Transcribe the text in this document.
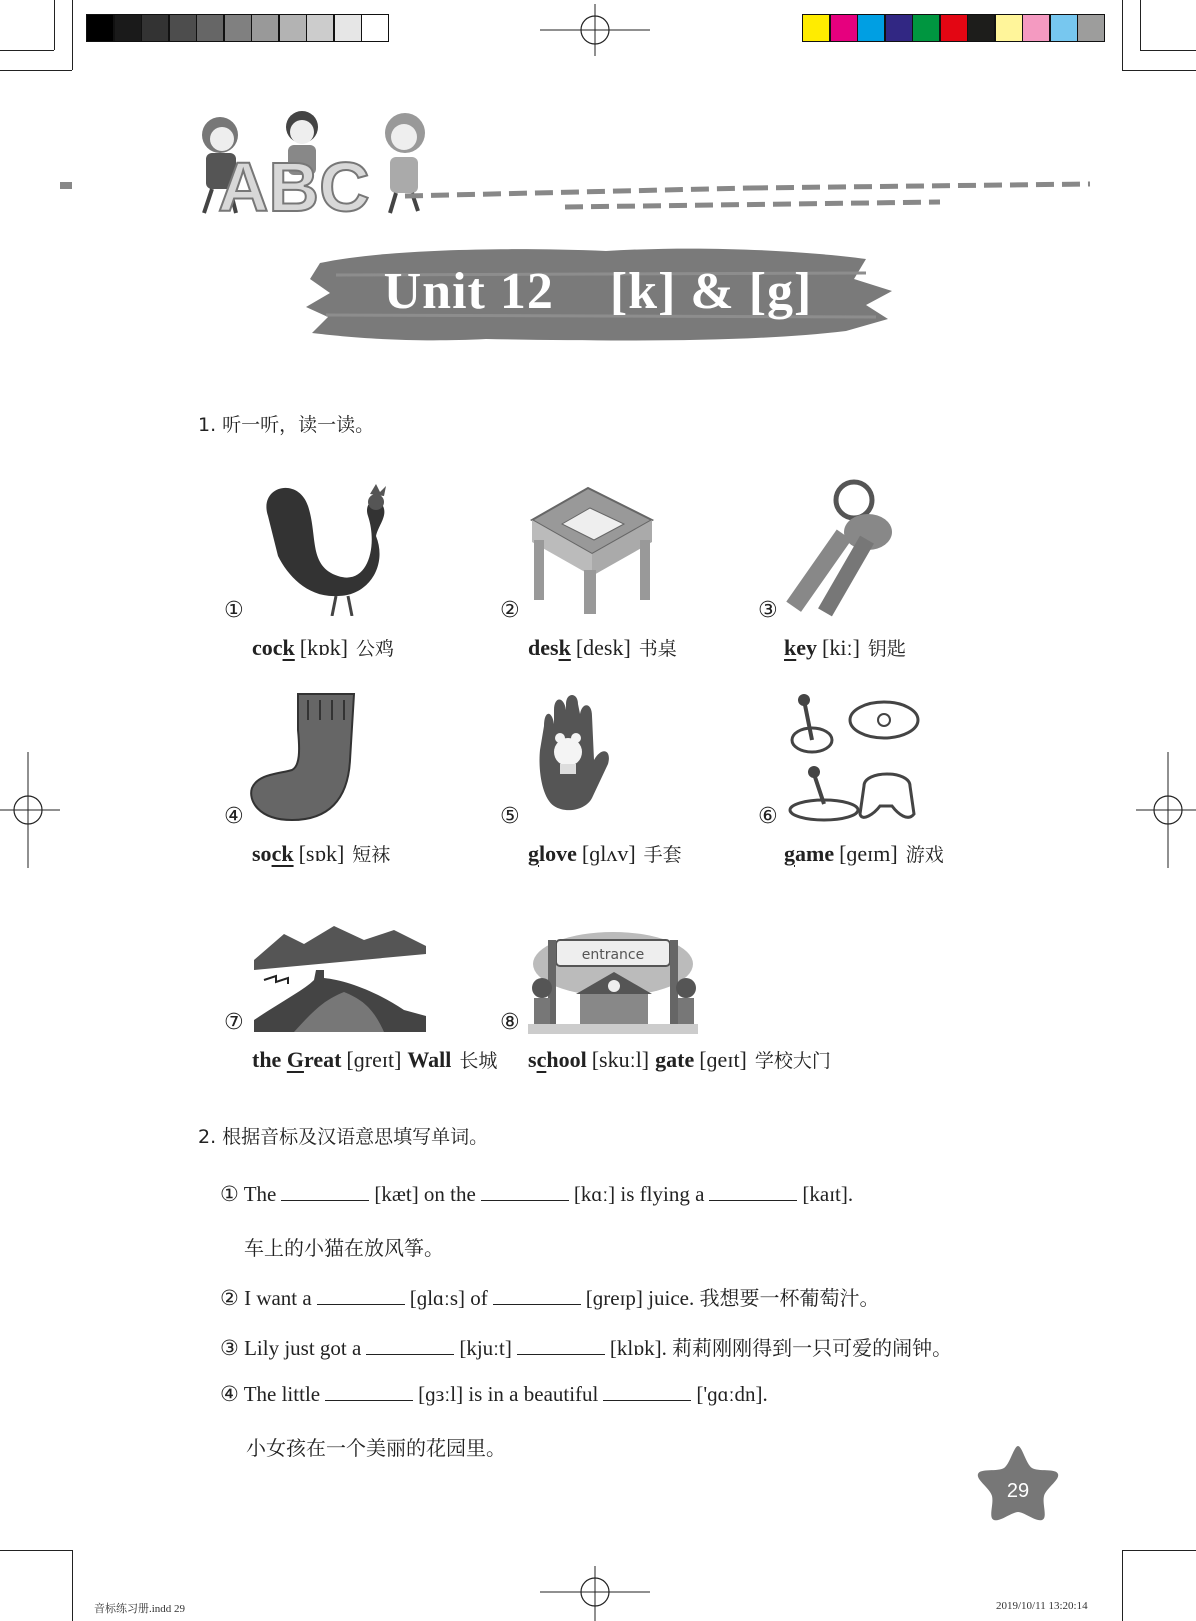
ABC
Unit 12    [k] & [g]
1. 听一听，读一读。
entrance
①
cock [kɒk] 公鸡
②
desk [desk] 书桌
③
key [kiː] 钥匙
④
sock [sɒk] 短袜
⑤
glove [ɡlʌv] 手套
⑥
game [ɡeɪm] 游戏
⑦
the Great [ɡreɪt] Wall 长城
⑧
school [skuːl] gate [ɡeɪt] 学校大门
2. 根据音标及汉语意思填写单词。
① The	[kæt] on the	[kɑː] is flying a	[kaɪt].
车上的小猫在放风筝。
② I want a	[ɡlɑːs] of	[ɡreɪp] juice. 我想要一杯葡萄汁。
③ Lily just got a	[kjuːt]	[klɒk]. 莉莉刚刚得到一只可爱的闹钟。
④ The little	[ɡɜːl] is in a beautiful	['ɡɑːdn].
小女孩在一个美丽的花园里。
29
音标练习册.indd 29	2019/10/11 13:20:14
